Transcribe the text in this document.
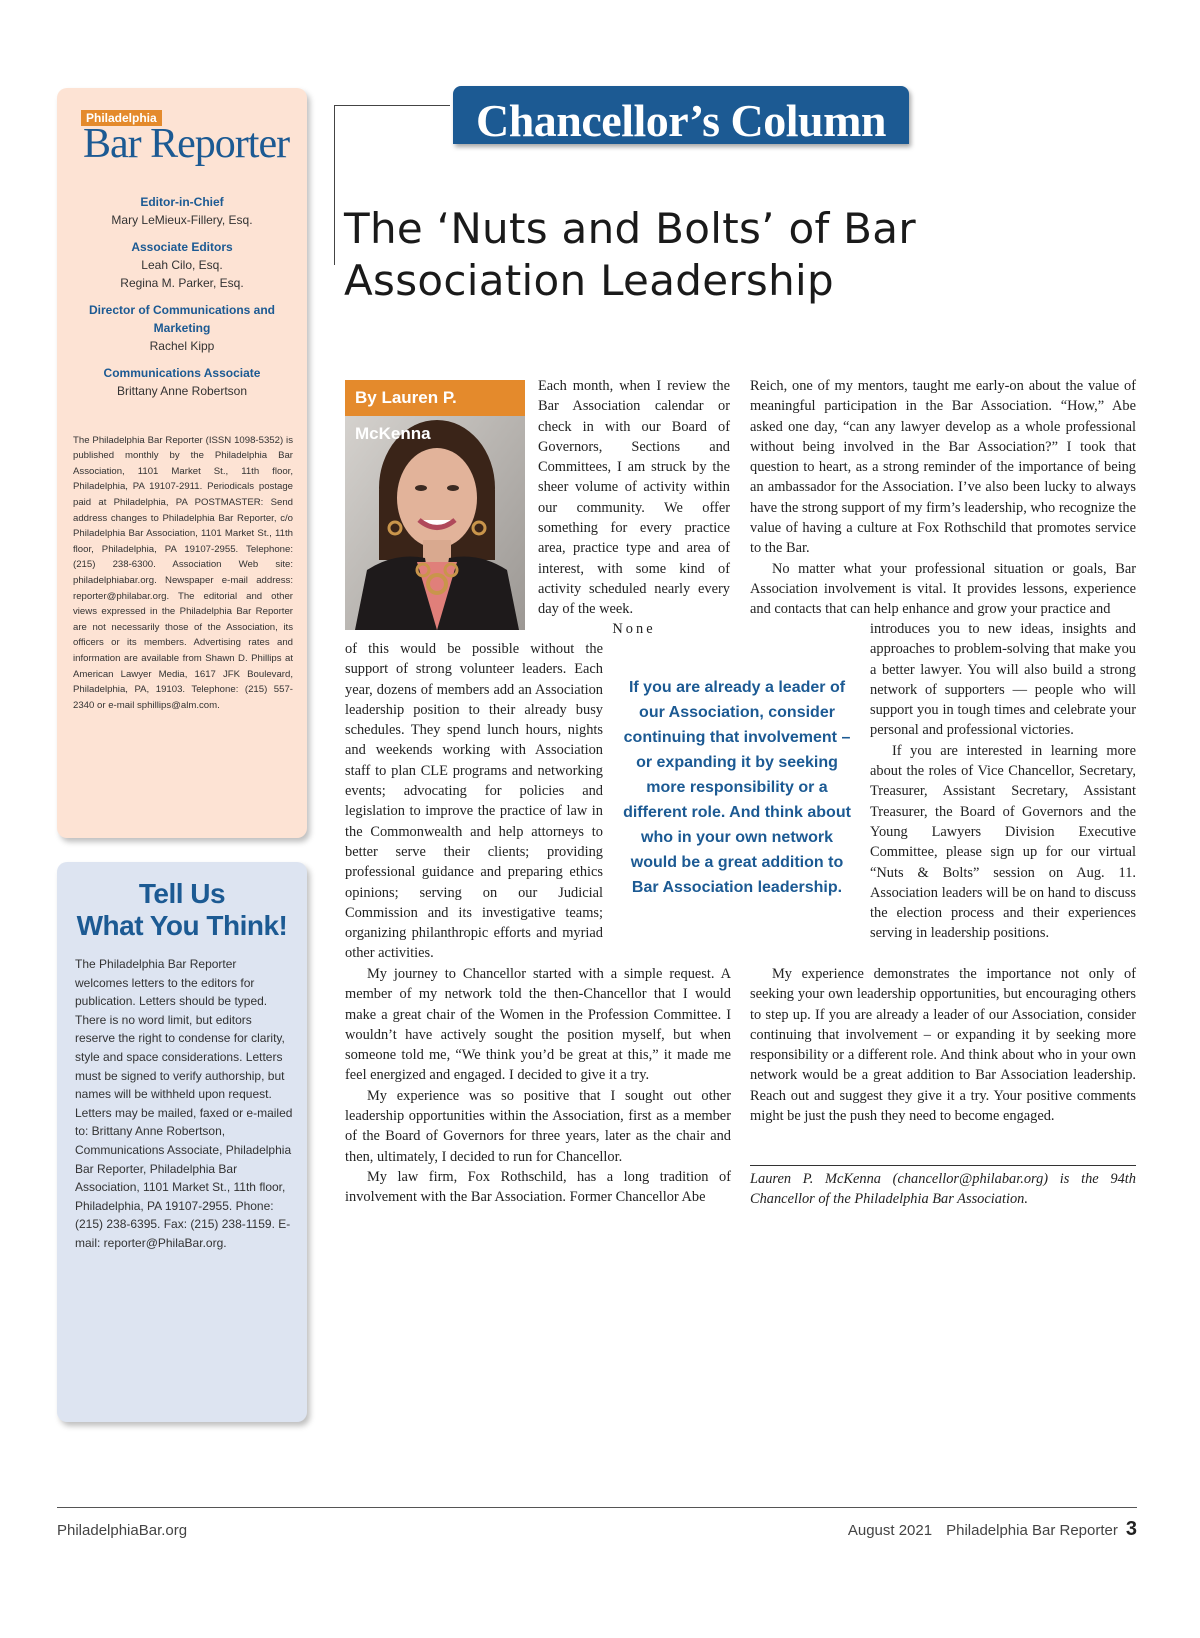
Philadelphia
Bar Reporter
Editor-in-Chief
Mary LeMieux-Fillery, Esq.
Associate Editors
Leah Cilo, Esq.
Regina M. Parker, Esq.
Director of Communications and Marketing
Rachel Kipp
Communications Associate
Brittany Anne Robertson

The Philadelphia Bar Reporter (ISSN 1098-5352) is published monthly by the Philadelphia Bar Association, 1101 Market St., 11th floor, Philadelphia, PA 19107-2911. Periodicals postage paid at Philadelphia, PA POSTMASTER: Send address changes to Philadelphia Bar Reporter, c/o Philadelphia Bar Association, 1101 Market St., 11th floor, Philadelphia, PA 19107-2955. Telephone: (215) 238-6300. Association Web site: philadelphiabar.org. Newspaper e-mail address: reporter@philabar.org. The editorial and other views expressed in the Philadelphia Bar Reporter are not necessarily those of the Association, its officers or its members. Advertising rates and information are available from Shawn D. Phillips at American Lawyer Media, 1617 JFK Boulevard, Philadelphia, PA, 19103. Telephone: (215) 557-2340 or e-mail sphillips@alm.com.

Tell Us
What You Think!

The Philadelphia Bar Reporter welcomes letters to the editors for publication. Letters should be typed. There is no word limit, but editors reserve the right to condense for clarity, style and space considerations. Letters must be signed to verify authorship, but names will be withheld upon request. Letters may be mailed, faxed or e-mailed to: Brittany Anne Robertson, Communications Associate, Philadelphia Bar Reporter, Philadelphia Bar Association, 1101 Market St., 11th floor, Philadelphia, PA 19107-2955. Phone: (215) 238-6395. Fax: (215) 238-1159. E-mail: reporter@PhilaBar.org.

Chancellor’s Column
The ‘Nuts and Bolts’ of Bar Association Leadership
By Lauren P. McKenna

Each month, when I review the Bar Association calendar or check in with our Board of Governors, Sections and Committees, I am struck by the sheer volume of activity within our community. We offer something for every practice area, practice type and area of interest, with some kind of activity scheduled nearly every day of the week.

None

of this would be possible without the support of strong volunteer leaders. Each year, dozens of members add an Association leadership position to their already busy schedules. They spend lunch hours, nights and weekends working with Association staff to plan CLE programs and networking events; advocating for policies and legislation to improve the practice of law in the Commonwealth and help attorneys to better serve their clients; providing professional guidance and preparing ethics opinions; serving on our Judicial Commission and its investigative teams; organizing philanthropic efforts and myriad other activities.

If you are already a leader of our Association, consider continuing that involvement – or expanding it by seeking more responsibility or a different role. And think about who in your own network would be a great addition to Bar Association leadership.

My journey to Chancellor started with a simple request. A member of my network told the then-Chancellor that I would make a great chair of the Women in the Profession Committee. I wouldn’t have actively sought the position myself, but when someone told me, “We think you’d be great at this,” it made me feel energized and engaged. I decided to give it a try.

My experience was so positive that I sought out other leadership opportunities within the Association, first as a member of the Board of Governors for three years, later as the chair and then, ultimately, I decided to run for Chancellor.

My law firm, Fox Rothschild, has a long tradition of involvement with the Bar Association. Former Chancellor Abe

Reich, one of my mentors, taught me early-on about the value of meaningful participation in the Bar Association. “How,” Abe asked one day, “can any lawyer develop as a whole professional without being involved in the Bar Association?” I took that question to heart, as a strong reminder of the importance of being an ambassador for the Association. I’ve also been lucky to always have the strong support of my firm’s leadership, who recognize the value of having a culture at Fox Rothschild that promotes service to the Bar.

No matter what your professional situation or goals, Bar Association involvement is vital. It provides lessons, experience and contacts that can help enhance and grow your practice and

introduces you to new ideas, insights and approaches to problem-solving that make you a better lawyer. You will also build a strong network of supporters — people who will support you in tough times and celebrate your personal and professional victories.

If you are interested in learning more about the roles of Vice Chancellor, Secretary, Treasurer, Assistant Secretary, Assistant Treasurer, the Board of Governors and the Young Lawyers Division Executive Committee, please sign up for our virtual “Nuts & Bolts” session on Aug. 11. Association leaders will be on hand to discuss the election process and their experiences serving in leadership positions.

My experience demonstrates the importance not only of seeking your own leadership opportunities, but encouraging others to step up. If you are already a leader of our Association, consider continuing that involvement – or expanding it by seeking more responsibility or a different role. And think about who in your own network would be a great addition to Bar Association leadership. Reach out and suggest they give it a try. Your positive comments might be just the push they need to become engaged.

Lauren P. McKenna (chancellor@philabar.org) is the 94th Chancellor of the Philadelphia Bar Association.

PhiladelphiaBar.org	August 2021 Philadelphia Bar Reporter 3
